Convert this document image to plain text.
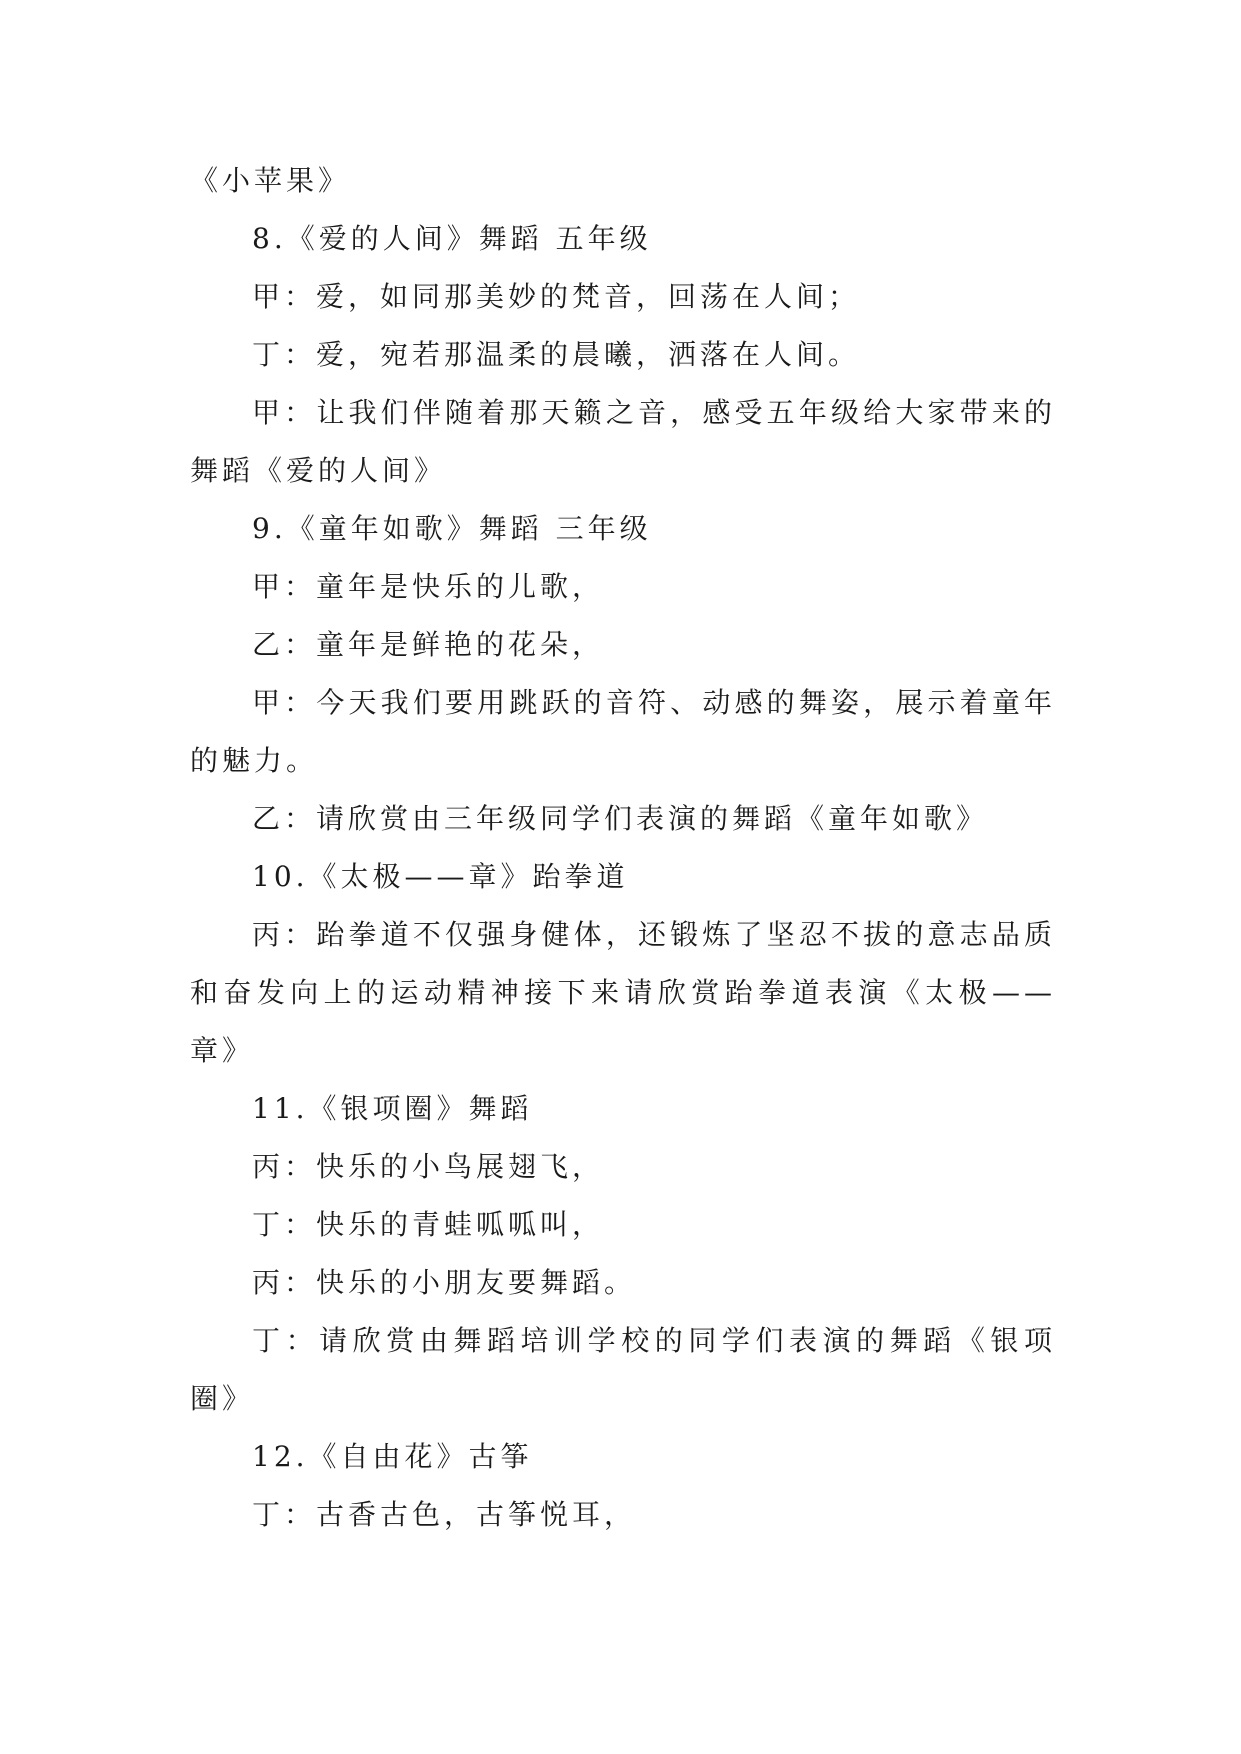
《小苹果》

8.《爱的人间》舞蹈 五年级

甲：爱，如同那美妙的梵音，回荡在人间；

丁：爱，宛若那温柔的晨曦，洒落在人间。

甲：让我们伴随着那天籁之音，感受五年级给大家带来的舞蹈《爱的人间》

9.《童年如歌》舞蹈 三年级

甲：童年是快乐的儿歌，

乙：童年是鲜艳的花朵，

甲：今天我们要用跳跃的音符、动感的舞姿，展示着童年的魅力。

乙：请欣赏由三年级同学们表演的舞蹈《童年如歌》

10.《太极——章》跆拳道

丙：跆拳道不仅强身健体，还锻炼了坚忍不拔的意志品质和奋发向上的运动精神接下来请欣赏跆拳道表演《太极——章》

11.《银项圈》舞蹈

丙：快乐的小鸟展翅飞，

丁：快乐的青蛙呱呱叫，

丙：快乐的小朋友要舞蹈。

丁：请欣赏由舞蹈培训学校的同学们表演的舞蹈《银项圈》

12.《自由花》古筝

丁：古香古色，古筝悦耳，
